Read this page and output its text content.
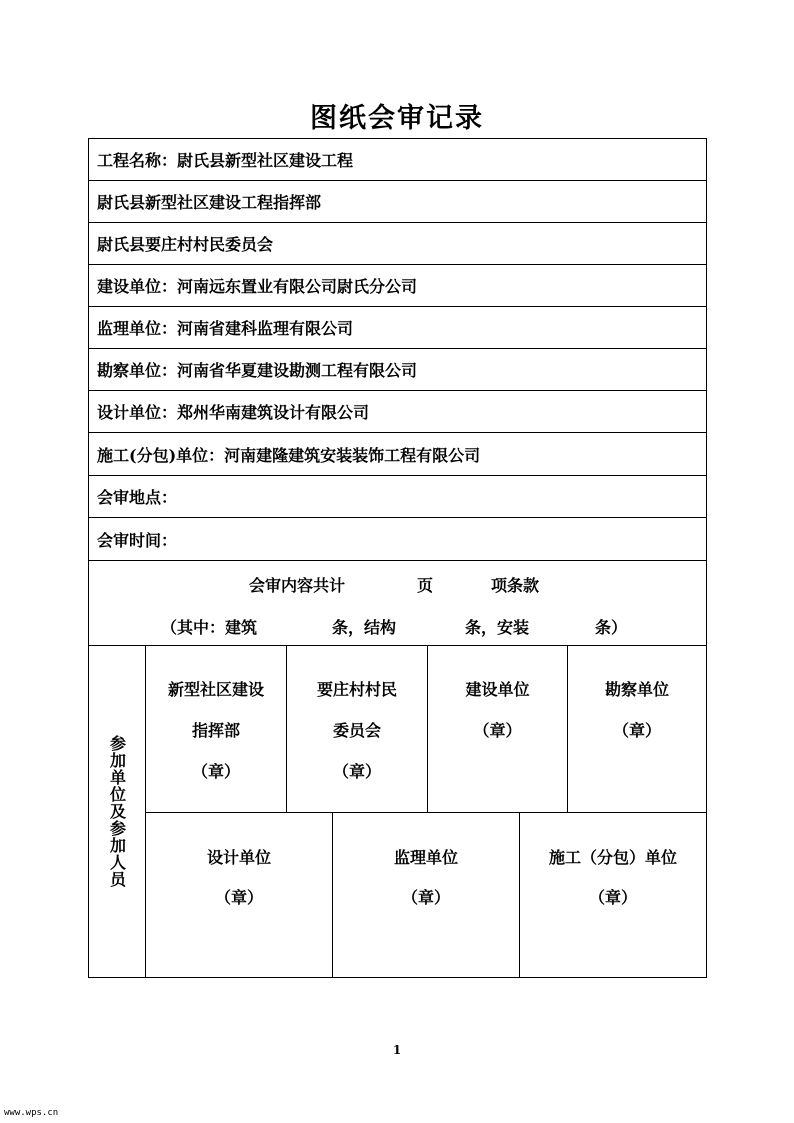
图纸会审记录
工程名称：尉氏县新型社区建设工程
尉氏县新型社区建设工程指挥部
尉氏县要庄村村民委员会
建设单位：河南远东置业有限公司尉氏分公司
监理单位：河南省建科监理有限公司
勘察单位：河南省华夏建设勘测工程有限公司
设计单位：郑州华南建筑设计有限公司
施工(分包)单位：河南建隆建筑安装装饰工程有限公司
会审地点：
会审时间：
会审内容共计	页	项条款
（其中：建筑	条，结构	条，安装	条）
参加单位及参加人员
新型社区建设
指挥部
（章）
要庄村村民
委员会
（章）
建设单位
（章）
勘察单位
（章）
设计单位
（章）
监理单位
（章）
施工（分包）单位
（章）
1
www.wps.cn
